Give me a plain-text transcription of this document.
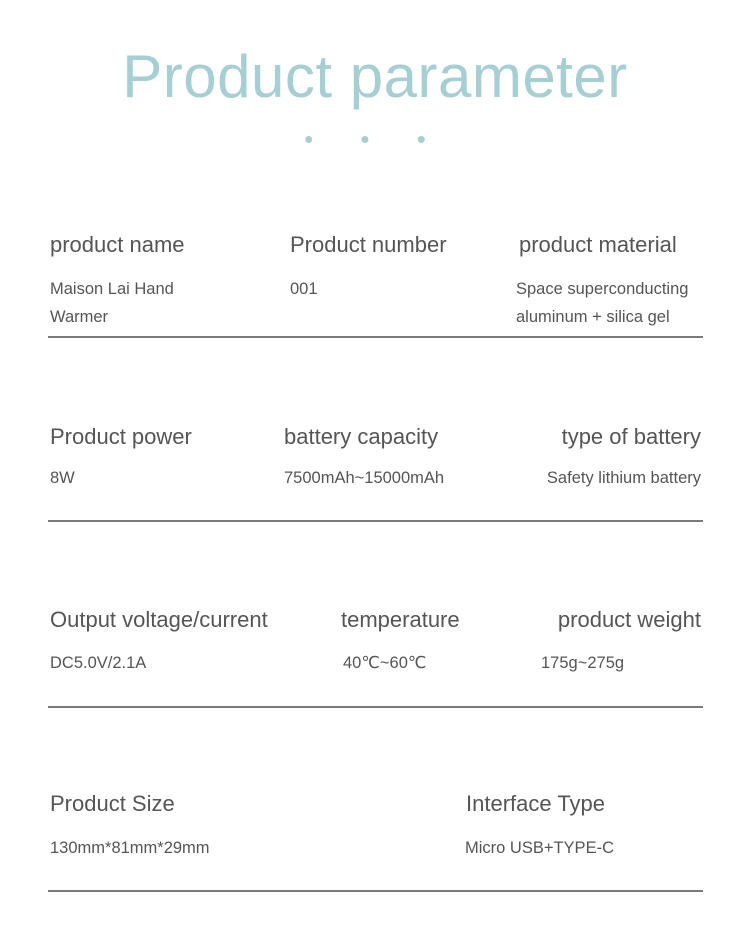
Product parameter
• • •
product name
Maison Lai Hand
Warmer
Product number
001
product material
Space superconducting
aluminum + silica gel
Product power
8W
battery capacity
7500mAh~15000mAh
type of battery
Safety lithium battery
Output voltage/current
DC5.0V/2.1A
temperature
40℃~60℃
product weight
175g~275g
Product Size
130mm*81mm*29mm
Interface Type
Micro USB+TYPE-C
